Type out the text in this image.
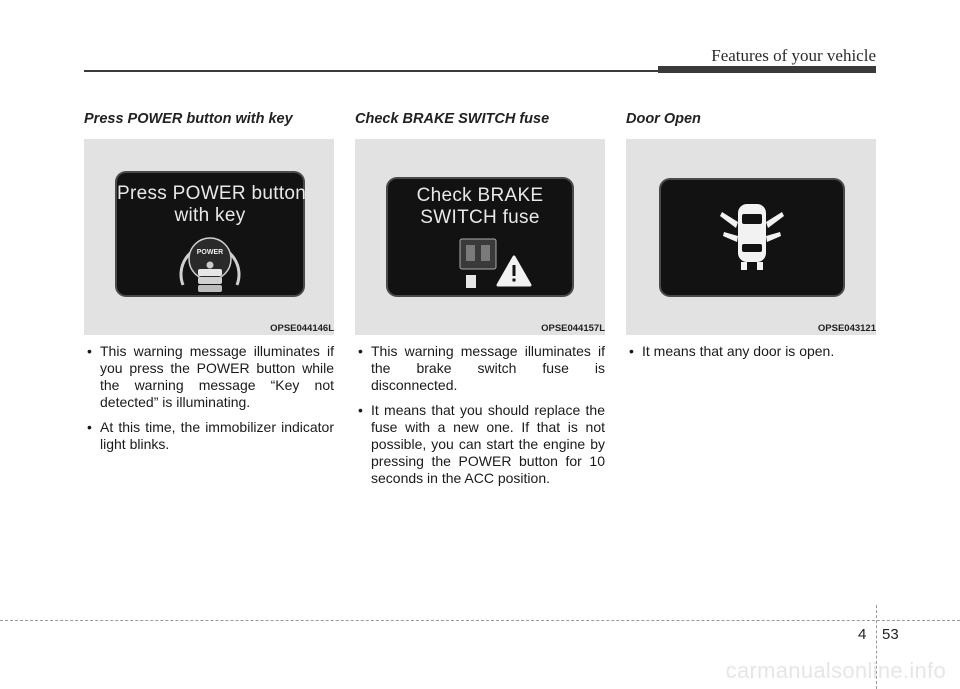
Features of your vehicle
Press POWER button with key
Press POWER button
with key
POWER
OPSE044146L
• This warning message illuminates if you press the POWER button while the warning message “Key not detected” is illuminating.
• At this time, the immobilizer indicator light blinks.
Check BRAKE SWITCH fuse
Check BRAKE
SWITCH fuse
OPSE044157L
• This warning message illuminates if the brake switch fuse is disconnected.
• It means that you should replace the fuse with a new one. If that is not possible, you can start the engine by pressing the POWER button for 10 seconds in the ACC position.
Door Open
OPSE043121
• It means that any door is open.
4 53
carmanualsonline.info
